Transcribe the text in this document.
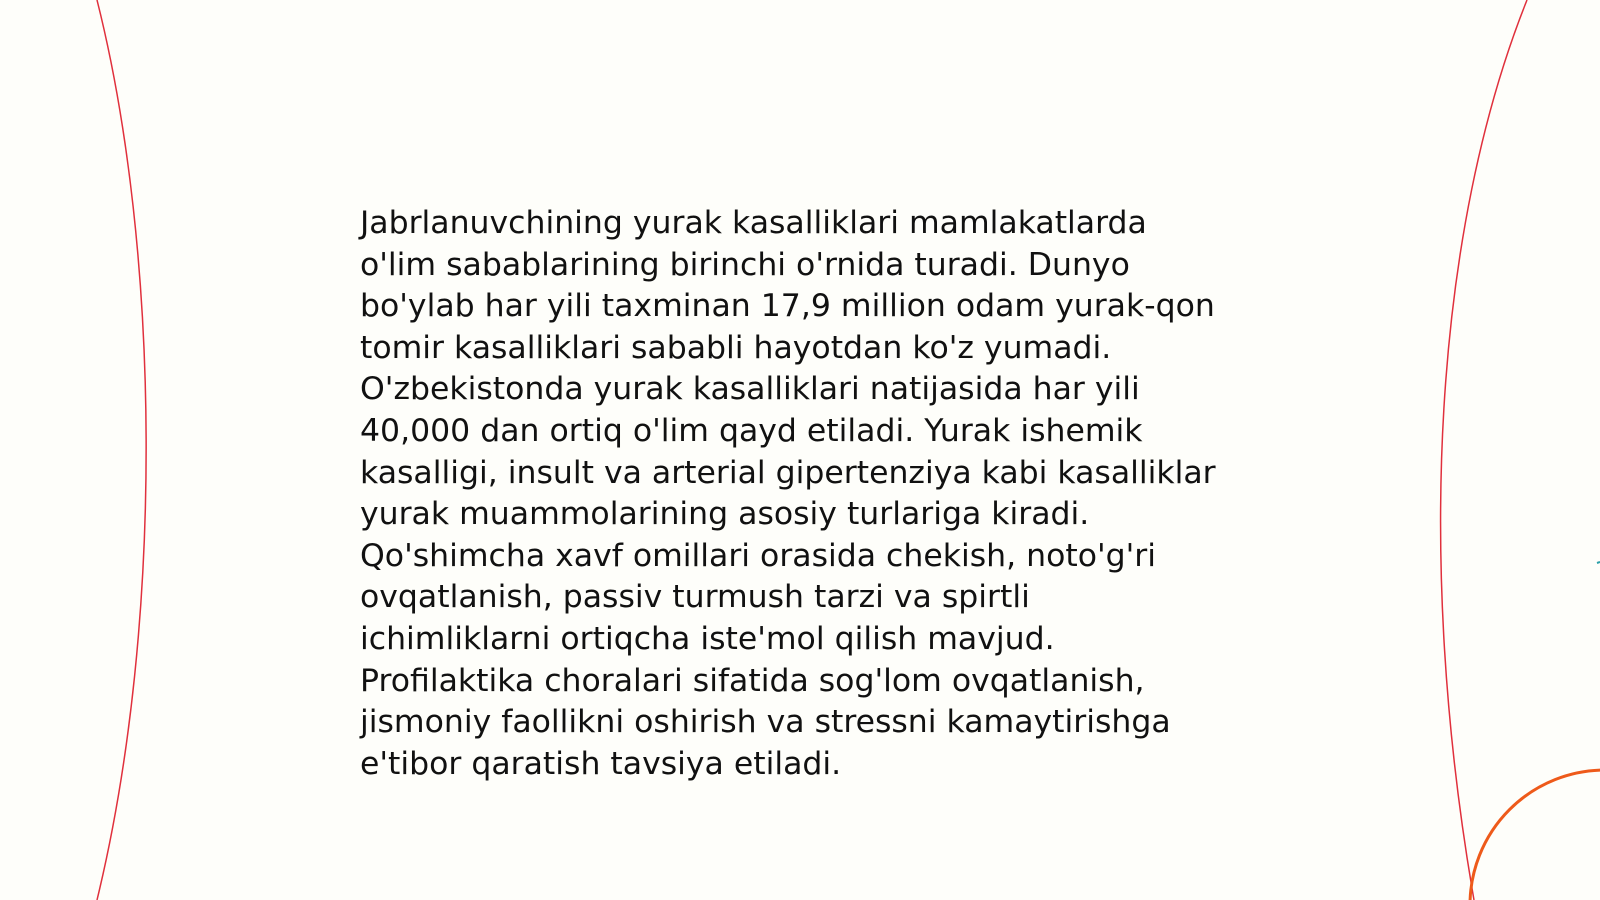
Jabrlanuvchining yurak kasalliklari mamlakatlarda
o'lim sabablarining birinchi o'rnida turadi. Dunyo
bo'ylab har yili taxminan 17,9 million odam yurak-qon
tomir kasalliklari sababli hayotdan ko'z yumadi.
O'zbekistonda yurak kasalliklari natijasida har yili
40,000 dan ortiq o'lim qayd etiladi. Yurak ishemik
kasalligi, insult va arterial gipertenziya kabi kasalliklar
yurak muammolarining asosiy turlariga kiradi.
Qo'shimcha xavf omillari orasida chekish, noto'g'ri
ovqatlanish, passiv turmush tarzi va spirtli
ichimliklarni ortiqcha iste'mol qilish mavjud.
Profilaktika choralari sifatida sog'lom ovqatlanish,
jismoniy faollikni oshirish va stressni kamaytirishga
e'tibor qaratish tavsiya etiladi.
